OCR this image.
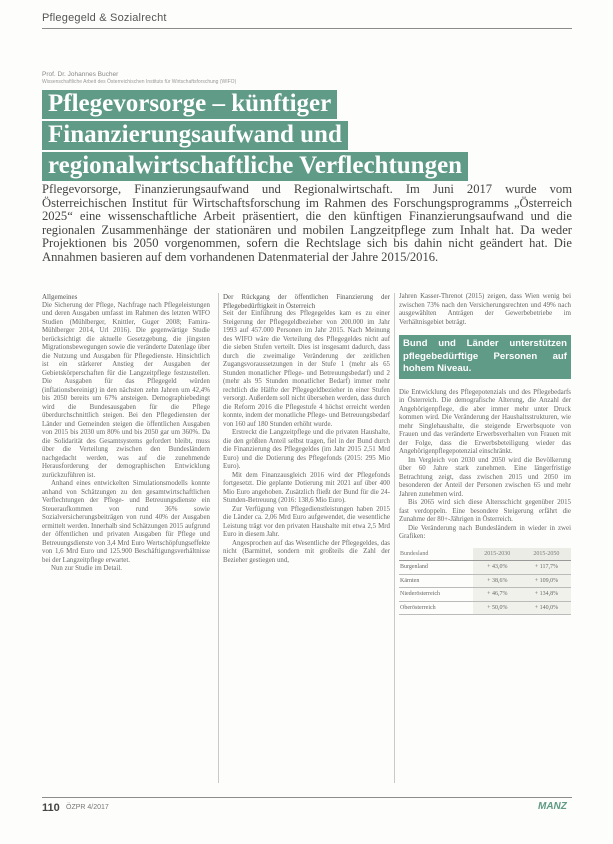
Pflegegeld & Sozialrecht
Prof. Dr. Johannes Bucher
Wissenschaftliche Arbeit des Österreichischen Instituts für Wirtschaftsforschung (WIFO)
Pflegevorsorge – künftiger
Finanzierungsaufwand und
regionalwirtschaftliche Verflechtungen
Pflegevorsorge, Finanzierungsaufwand und Regionalwirtschaft. Im Juni 2017 wurde vom Österreichischen Institut für Wirtschaftsforschung im Rahmen des Forschungsprogramms „Österreich 2025“ eine wissenschaftliche Arbeit präsentiert, die den künftigen Finanzierungsaufwand und die regionalen Zusammenhänge der stationären und mobilen Langzeitpflege zum Inhalt hat. Da weder Projektionen bis 2050 vorgenommen, sofern die Rechtslage sich bis dahin nicht geändert hat. Die Annahmen basieren auf dem vorhandenen Datenmaterial der Jahre 2015/2016.
Allgemeines

Die Sicherung der Pflege, Nachfrage nach Pflegeleistungen und deren Ausgaben umfasst im Rahmen des letzten WIFO Studien (Mühlberger, Knittler, Guger 2008; Famira-Mühlberger 2014, Url 2016). Die gegenwärtige Studie berücksichtigt die aktuelle Gesetzgebung, die jüngsten Migrationsbewegungen sowie die veränderte Datenlage über die Nutzung und Ausgaben für Pflegedienste. Hinsichtlich ist ein stärkerer Anstieg der Ausgaben der Gebietskörperschaften für die Langzeitpflege festzustellen. Die Ausgaben für das Pflegegeld würden (inflationsbereinigt) in den nächsten zehn Jahren um 42,4% bis 2050 bereits um 67% ansteigen. Demographiebedingt wird die Bundesausgaben für die Pflege überdurchschnittlich steigen. Bei den Pflegediensten der Länder und Gemeinden steigen die öffentlichen Ausgaben von 2015 bis 2030 um 80% und bis 2050 gar um 360%. Da die Solidarität des Gesamtsystems gefordert bleibt, muss über die Verteilung zwischen den Bundesländern nachgedacht werden, was auf die zunehmende Herausforderung der demographischen Entwicklung zurückzuführen ist.

Anhand eines entwickelten Simulationsmodells konnte anhand von Schätzungen zu den gesamtwirtschaftlichen Verflechtungen der Pflege- und Betreuungsdienste ein Steueraufkommen von rund 36% sowie Sozialversicherungsbeiträgen von rund 40% der Ausgaben ermittelt werden. Innerhalb sind Schätzungen 2015 aufgrund der öffentlichen und privaten Ausgaben für Pflege und Betreuungsdienste von 3,4 Mrd Euro Wertschöpfungseffekte von 1,6 Mrd Euro und 125.900 Beschäftigungsverhältnisse bei der Langzeitpflege erwartet.

Nun zur Studie im Detail.

Der Rückgang der öffentlichen Finanzierung der Pflegebedürftigkeit in Österreich

Seit der Einführung des Pflegegeldes kam es zu einer Steigerung der Pflegegeldbezieher von 200.000 im Jahr 1993 auf 457.000 Personen im Jahr 2015. Nach Meinung des WIFO wäre die Verteilung des Pflegegeldes nicht auf die sieben Stufen verteilt. Dies ist insgesamt dadurch, dass durch die zweimalige Veränderung der zeitlichen Zugangsvoraussetzungen in der Stufe 1 (mehr als 65 Stunden monatlicher Pflege- und Betreuungsbedarf) und 2 (mehr als 95 Stunden monatlicher Bedarf) immer mehr rechtlich die Hälfte der Pflegegeldbezieher in einer Stufen versorgt. Außerdem soll nicht übersehen werden, dass durch die Reform 2016 die Pflegestufe 4 höchst erreicht werden konnte, indem der monatliche Pflege- und Betreuungsbedarf von 160 auf 180 Stunden erhöht wurde.

Erstreckt die Langzeitpflege und die privaten Haushalte, die den größten Anteil selbst tragen, fiel in der Bund durch die Finanzierung des Pflegegeldes (im Jahr 2015 2,51 Mrd Euro) und die Dotierung des Pflegefonds (2015: 295 Mio Euro).

Mit dem Finanzausgleich 2016 wird der Pflegefonds fortgesetzt. Die geplante Dotierung mit 2021 auf über 400 Mio Euro angehoben. Zusätzlich fließt der Bund für die 24-Stunden-Betreuung (2016: 138,6 Mio Euro).

Zur Verfügung von Pflegedienstleistungen haben 2015 die Länder ca. 2,06 Mrd Euro aufgewendet, die wesentliche Leistung trägt vor den privaten Haushalte mit etwa 2,5 Mrd Euro in diesem Jahr.

Angesprochen auf das Wesentliche der Pflegegeldes, das nicht (Barmittel, sondern mit großteils die Zahl der Bezieher gestiegen und,

Jahren Kasser-Threnot (2015) zeigen, dass Wien wenig bei zwischen 73% nach den Versicherungsrechten und 49% nach ausgewählten Anträgen der Gewerbebetriebe im Verhältnisgebiet beträgt.

Bund und Länder unterstützen pflegebedürftige Personen auf hohem Niveau.

Die Entwicklung des Pflegepotenzials und des Pflegebedarfs in Österreich. Die demografische Alterung, die Anzahl der Angehörigenpflege, die aber immer mehr unter Druck kommen wird. Die Veränderung der Haushaltsstrukturen, wie mehr Singlehaushalte, die steigende Erwerbsquote von Frauen und das veränderte Erwerbsverhalten von Frauen mit der Folge, dass die Erwerbsbeteiligung wieder das Angehörigenpflegepotenzial einschränkt.

Im Vergleich von 2030 und 2050 wird die Bevölkerung über 60 Jahre stark zunehmen. Eine längerfristige Betrachtung zeigt, dass zwischen 2015 und 2050 im besonderen der Anteil der Personen zwischen 65 und mehr Jahren zunehmen wird.

Bis 2065 wird sich diese Altersschicht gegenüber 2015 fast verdoppeln. Eine besondere Steigerung erfährt die Zunahme der 80+-Jährigen in Österreich.

Die Veränderung nach Bundesländern in wieder in zwei Grafiken:

Bundesland	2015-2030	2015-2050
Burgenland	+ 43,0%	+ 117,7%
Kärnten	+ 38,6%	+ 109,0%
Niederösterreich	+ 46,7%	+ 134,8%
Oberösterreich	+ 50,0%	+ 140,0%
110 ÖZPR 4/2017	MANZ
